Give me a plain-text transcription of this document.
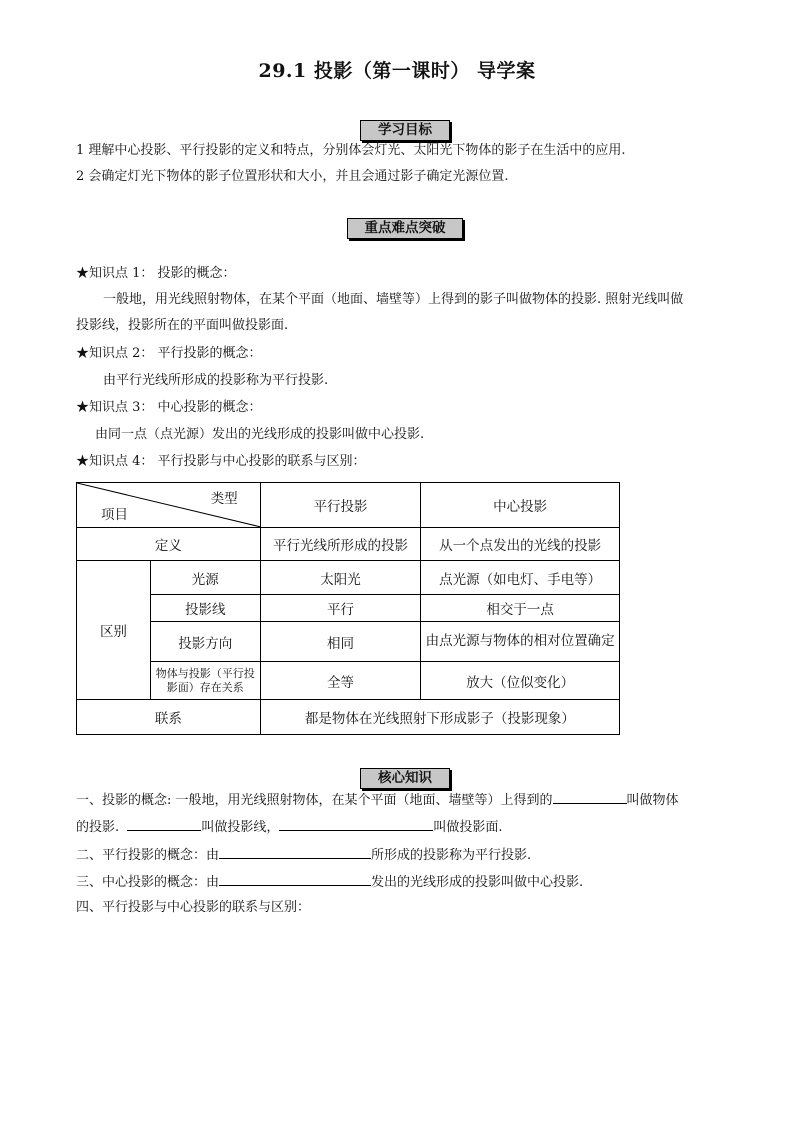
29.1 投影（第一课时） 导学案
学习目标
1 理解中心投影、平行投影的定义和特点，分别体会灯光、太阳光下物体的影子在生活中的应用.
2 会确定灯光下物体的影子位置形状和大小，并且会通过影子确定光源位置.
重点难点突破
★知识点 1： 投影的概念：
一般地，用光线照射物体，在某个平面（地面、墙壁等）上得到的影子叫做物体的投影. 照射光线叫做
投影线，投影所在的平面叫做投影面.
★知识点 2： 平行投影的概念：
由平行光线所形成的投影称为平行投影.
★知识点 3： 中心投影的概念：
由同一点（点光源）发出的光线形成的投影叫做中心投影.
★知识点 4： 平行投影与中心投影的联系与区别：
类型
项目		平行投影	中心投影
定义		平行光线所形成的投影	从一个点发出的光线的投影
区别	光源	太阳光	点光源（如电灯、手电等）
	投影线	平行	相交于一点
	投影方向	相同	由点光源与物体的相对位置确定
	物体与投影（平行投影面）存在关系	全等	放大（位似变化）
联系		都是物体在光线照射下形成影子（投影现象）	
核心知识
一、投影的概念: 一般地，用光线照射物体，在某个平面（地面、墙壁等）上得到的	叫做物体
的投影.	叫做投影线，	叫做投影面.
二、平行投影的概念：由	所形成的投影称为平行投影.
三、中心投影的概念：由	发出的光线形成的投影叫做中心投影.
四、平行投影与中心投影的联系与区别：
